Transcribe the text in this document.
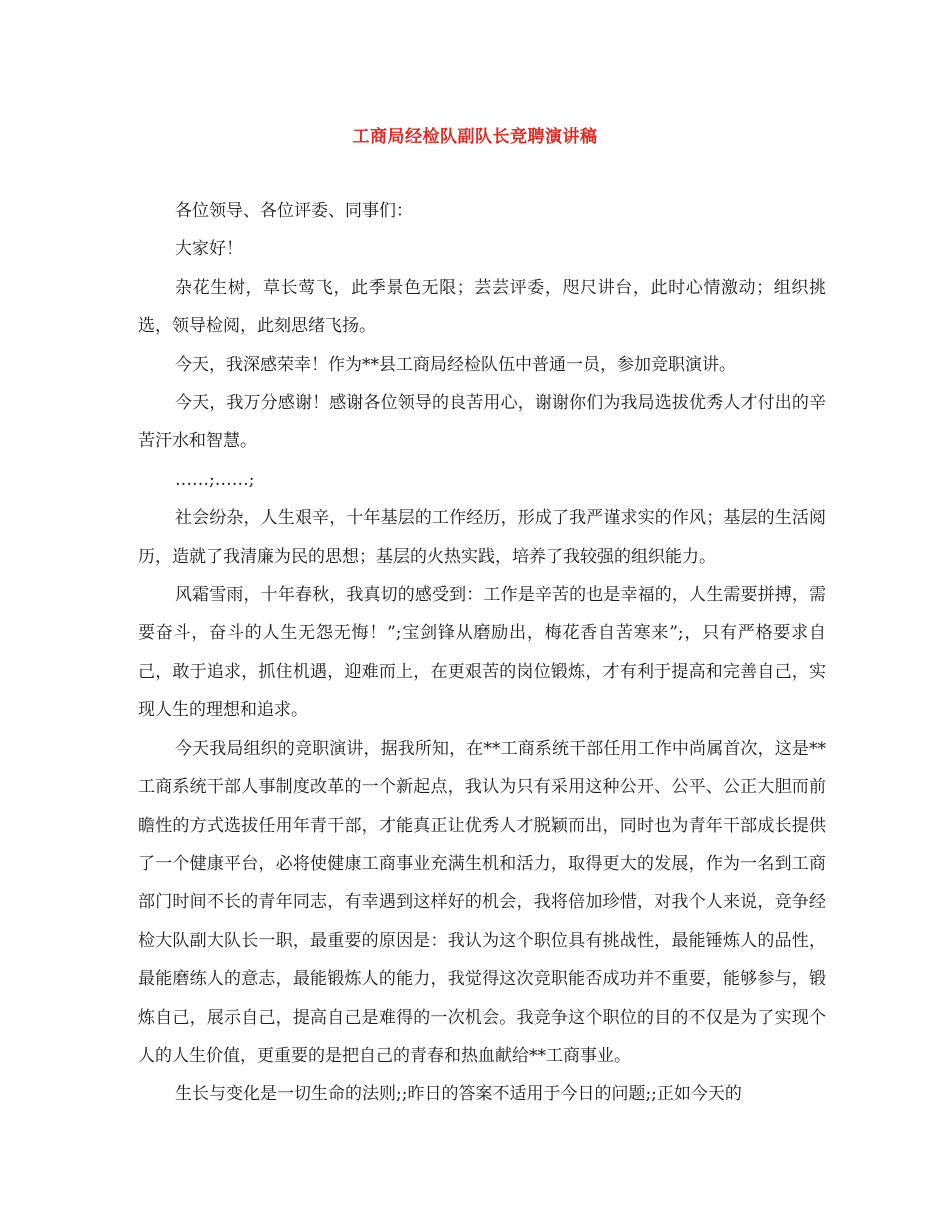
工商局经检队副队长竞聘演讲稿

各位领导、各位评委、同事们：

大家好！

杂花生树，草长莺飞，此季景色无限；芸芸评委，咫尺讲台，此时心情激动；组织挑选，领导检阅，此刻思绪飞扬。

今天，我深感荣幸！作为**县工商局经检队伍中普通一员，参加竞职演讲。

今天，我万分感谢！感谢各位领导的良苦用心，谢谢你们为我局选拔优秀人才付出的辛苦汗水和智慧。

……;……;

社会纷杂，人生艰辛，十年基层的工作经历，形成了我严谨求实的作风；基层的生活阅历，造就了我清廉为民的思想；基层的火热实践，培养了我较强的组织能力。

风霜雪雨，十年春秋，我真切的感受到：工作是辛苦的也是幸福的，人生需要拼搏，需要奋斗，奋斗的人生无怨无悔！”;宝剑锋从磨励出，梅花香自苦寒来”;，只有严格要求自己，敢于追求，抓住机遇，迎难而上，在更艰苦的岗位锻炼，才有利于提高和完善自己，实现人生的理想和追求。

今天我局组织的竞职演讲，据我所知，在**工商系统干部任用工作中尚属首次，这是**工商系统干部人事制度改革的一个新起点，我认为只有采用这种公开、公平、公正大胆而前瞻性的方式选拔任用年青干部，才能真正让优秀人才脱颖而出，同时也为青年干部成长提供了一个健康平台，必将使健康工商事业充满生机和活力，取得更大的发展，作为一名到工商部门时间不长的青年同志，有幸遇到这样好的机会，我将倍加珍惜，对我个人来说，竞争经检大队副大队长一职，最重要的原因是：我认为这个职位具有挑战性，最能锤炼人的品性，最能磨练人的意志，最能锻炼人的能力，我觉得这次竞职能否成功并不重要，能够参与，锻炼自己，展示自己，提高自己是难得的一次机会。我竞争这个职位的目的不仅是为了实现个人的人生价值，更重要的是把自己的青春和热血献给**工商事业。

生长与变化是一切生命的法则;;昨日的答案不适用于今日的问题;;正如今天的
